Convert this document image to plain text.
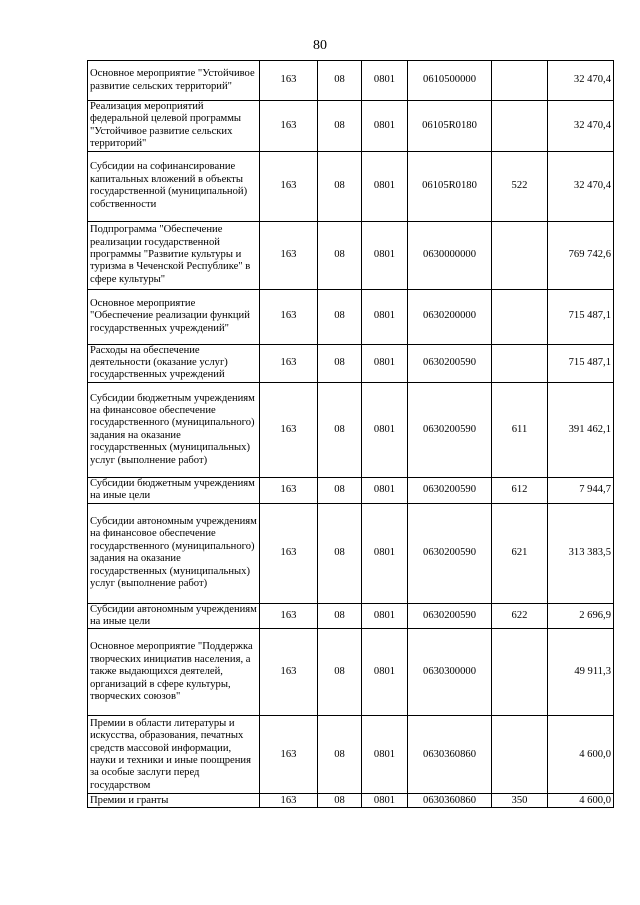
80
Основное мероприятие "Устойчивое развитие сельских территорий"	163	08	0801	0610500000		32 470,4
Реализация мероприятий федеральной целевой программы "Устойчивое развитие сельских территорий"	163	08	0801	06105R0180		32 470,4
Субсидии на софинансирование капитальных вложений в объекты государственной (муниципальной) собственности	163	08	0801	06105R0180	522	32 470,4
Подпрограмма "Обеспечение реализации государственной программы "Развитие культуры и туризма в Чеченской Республике" в сфере культуры"	163	08	0801	0630000000		769 742,6
Основное мероприятие "Обеспечение реализации функций государственных учреждений"	163	08	0801	0630200000		715 487,1
Расходы на обеспечение деятельности (оказание услуг) государственных учреждений	163	08	0801	0630200590		715 487,1
Субсидии бюджетным учреждениям на финансовое обеспечение государственного (муниципального) задания на оказание государственных (муниципальных) услуг (выполнение работ)	163	08	0801	0630200590	611	391 462,1
Субсидии бюджетным учреждениям на иные цели	163	08	0801	0630200590	612	7 944,7
Субсидии автономным учреждениям на финансовое обеспечение государственного (муниципального) задания на оказание государственных (муниципальных) услуг (выполнение работ)	163	08	0801	0630200590	621	313 383,5
Субсидии автономным учреждениям на иные цели	163	08	0801	0630200590	622	2 696,9
Основное мероприятие "Поддержка творческих инициатив населения, а также выдающихся деятелей, организаций в сфере культуры, творческих союзов"	163	08	0801	0630300000		49 911,3
Премии в области литературы и искусства, образования, печатных средств массовой информации, науки и техники и иные поощрения за особые заслуги перед государством	163	08	0801	0630360860		4 600,0
Премии и гранты	163	08	0801	0630360860	350	4 600,0
